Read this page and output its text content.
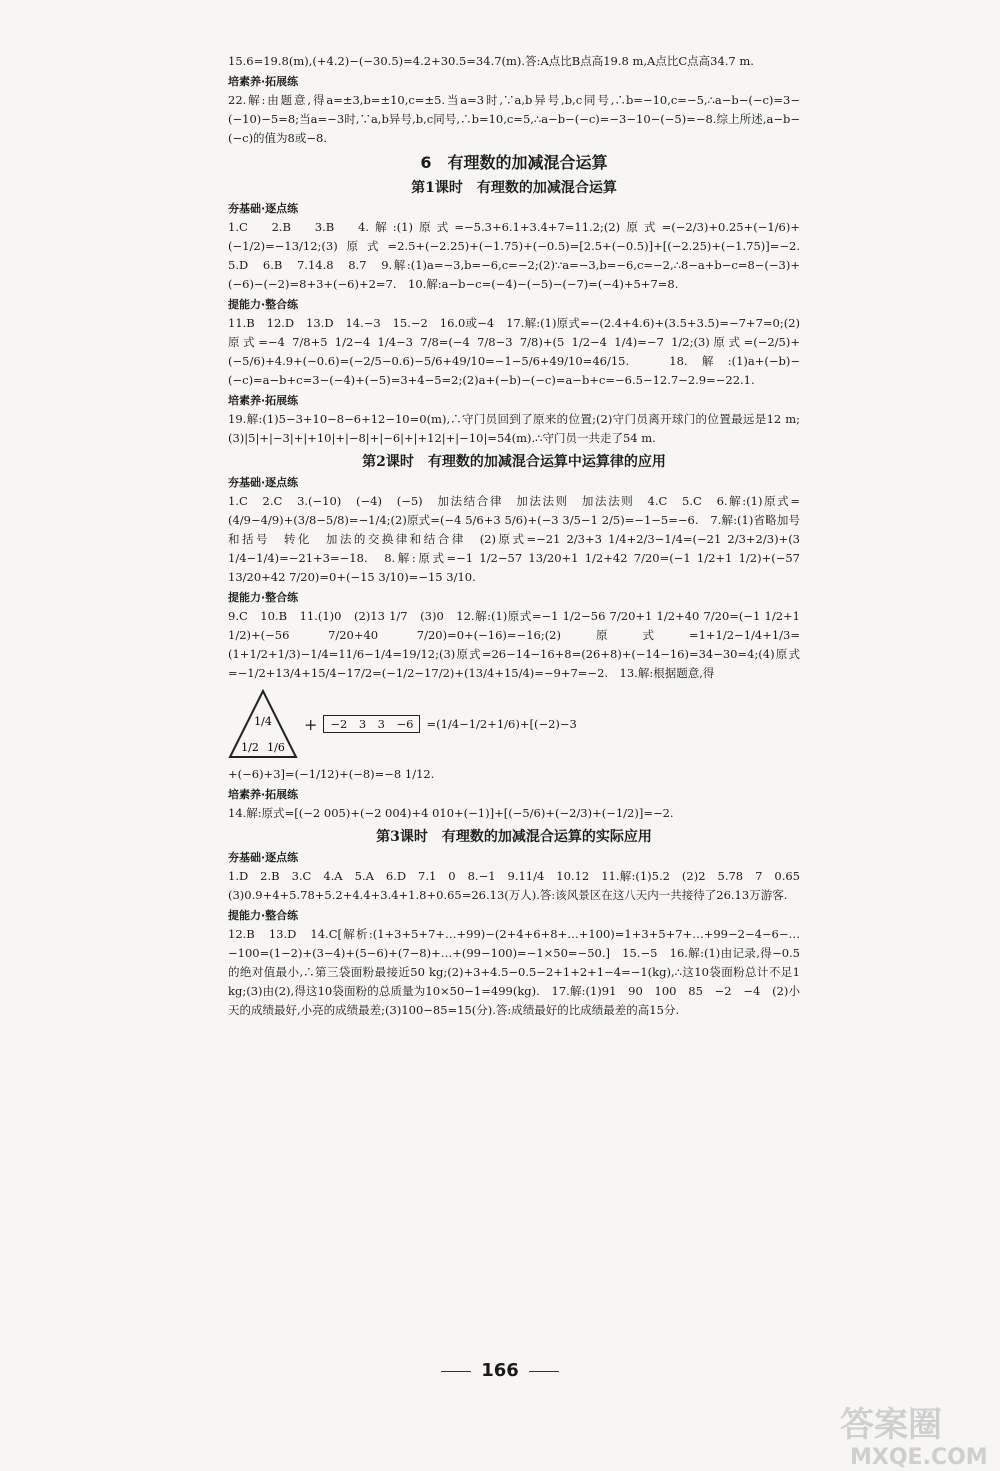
15.6=19.8(m),(+4.2)−(−30.5)=4.2+30.5=34.7(m).答:A点比B点高19.8 m,A点比C点高34.7 m.

培素养·拓展练

22.解:由题意,得a=±3,b=±10,c=±5.当a=3时,∵a,b异号,b,c同号,∴b=−10,c=−5,∴a−b−(−c)=3−(−10)−5=8;当a=−3时,∵a,b异号,b,c同号,∴b=10,c=5,∴a−b−(−c)=−3−10−(−5)=−8.综上所述,a−b−(−c)的值为8或−8.

6　有理数的加减混合运算
第1课时　有理数的加减混合运算
夯基础·逐点练

1.C　2.B　3.B　4.解:(1)原式=−5.3+6.1+3.4+7=11.2;(2)原式=(−2/3)+0.25+(−1/6)+(−1/2)=−13/12;(3)原式=2.5+(−2.25)+(−1.75)+(−0.5)=[2.5+(−0.5)]+[(−2.25)+(−1.75)]=−2.　5.D　6.B　7.14.8　8.7　9.解:(1)a=−3,b=−6,c=−2;(2)∵a=−3,b=−6,c=−2,∴8−a+b−c=8−(−3)+(−6)−(−2)=8+3+(−6)+2=7.　10.解:a−b−c=(−4)−(−5)−(−7)=(−4)+5+7=8.

提能力·整合练

11.B　12.D　13.D　14.−3　15.−2　16.0或−4　17.解:(1)原式=−(2.4+4.6)+(3.5+3.5)=−7+7=0;(2)原式=−4 7/8+5 1/2−4 1/4−3 7/8=(−4 7/8−3 7/8)+(5 1/2−4 1/4)=−7 1/2;(3)原式=(−2/5)+(−5/6)+4.9+(−0.6)=(−2/5−0.6)−5/6+49/10=−1−5/6+49/10=46/15.　18.解:(1)a+(−b)−(−c)=a−b+c=3−(−4)+(−5)=3+4−5=2;(2)a+(−b)−(−c)=a−b+c=−6.5−12.7−2.9=−22.1.

培素养·拓展练

19.解:(1)5−3+10−8−6+12−10=0(m),∴守门员回到了原来的位置;(2)守门员离开球门的位置最远是12 m;(3)|5|+|−3|+|+10|+|−8|+|−6|+|+12|+|−10|=54(m).∴守门员一共走了54 m.

第2课时　有理数的加减混合运算中运算律的应用
夯基础·逐点练

1.C　2.C　3.(−10)　(−4)　(−5)　加法结合律　加法法则　加法法则　4.C　5.C　6.解:(1)原式=(4/9−4/9)+(3/8−5/8)=−1/4;(2)原式=(−4 5/6+3 5/6)+(−3 3/5−1 2/5)=−1−5=−6.　7.解:(1)省略加号和括号　转化　加法的交换律和结合律　(2)原式=−21 2/3+3 1/4+2/3−1/4=(−21 2/3+2/3)+(3 1/4−1/4)=−21+3=−18.　8.解:原式=−1 1/2−57 13/20+1 1/2+42 7/20=(−1 1/2+1 1/2)+(−57 13/20+42 7/20)=0+(−15 3/10)=−15 3/10.

提能力·整合练

9.C　10.B　11.(1)0　(2)13 1/7　(3)0　12.解:(1)原式=−1 1/2−56 7/20+1 1/2+40 7/20=(−1 1/2+1 1/2)+(−56 7/20+40 7/20)=0+(−16)=−16;(2)原式=1+1/2−1/4+1/3=(1+1/2+1/3)−1/4=11/6−1/4=19/12;(3)原式=26−14−16+8=(26+8)+(−14−16)=34−30=4;(4)原式=−1/2+13/4+15/4−17/2=(−1/2−17/2)+(13/4+15/4)=−9+7=−2.　13.解:根据题意,得

1/4
1/2 1/6
+	−2　3　3　−6	=(1/4−1/2+1/6)+[(−2)−3

+(−6)+3]=(−1/12)+(−8)=−8 1/12.

培素养·拓展练

14.解:原式=[(−2 005)+(−2 004)+4 010+(−1)]+[(−5/6)+(−2/3)+(−1/2)]=−2.

第3课时　有理数的加减混合运算的实际应用
夯基础·逐点练

1.D　2.B　3.C　4.A　5.A　6.D　7.1　0　8.−1　9.11/4　10.12　11.解:(1)5.2　(2)2　5.78　7　0.65　(3)0.9+4+5.78+5.2+4.4+3.4+1.8+0.65=26.13(万人).答:该风景区在这八天内一共接待了26.13万游客.

提能力·整合练

12.B　13.D　14.C[解析:(1+3+5+7+…+99)−(2+4+6+8+…+100)=1+3+5+7+…+99−2−4−6−…−100=(1−2)+(3−4)+(5−6)+(7−8)+…+(99−100)=−1×50=−50.]　15.−5　16.解:(1)由记录,得−0.5的绝对值最小,∴第三袋面粉最接近50 kg;(2)+3+4.5−0.5−2+1+2+1−4=−1(kg),∴这10袋面粉总计不足1 kg;(3)由(2),得这10袋面粉的总质量为10×50−1=499(kg).　17.解:(1)91　90　100　85　−2　−4　(2)小天的成绩最好,小亮的成绩最差;(3)100−85=15(分).答:成绩最好的比成绩最差的高15分.

166
答案圈
MXQE.COM
